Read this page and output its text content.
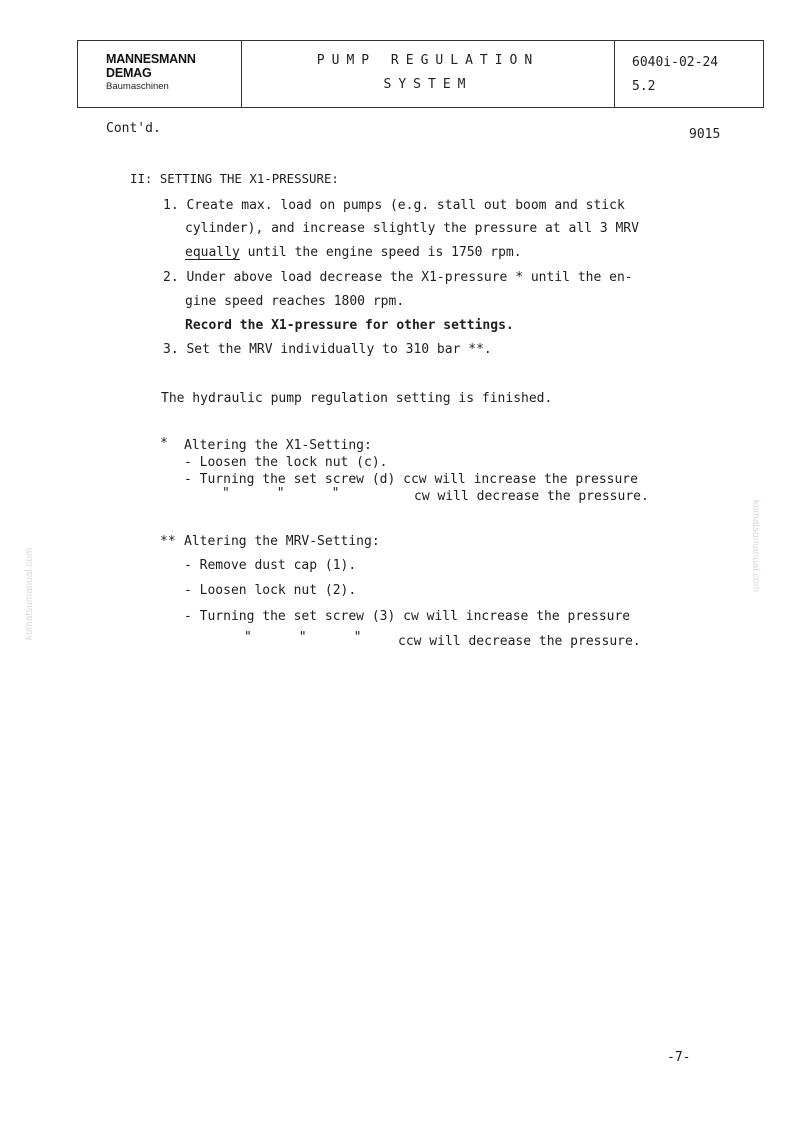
MANNESMANN
DEMAG
Baumaschinen
PUMP REGULATION
SYSTEM
6040i-02-24
5.2
Cont'd.	9015
II: SETTING THE X1-PRESSURE:
1. Create max. load on pumps (e.g. stall out boom and stick
cylinder), and increase slightly the pressure at all 3 MRV
equally until the engine speed is 1750 rpm.
2. Under above load decrease the X1-pressure * until the en-
gine speed reaches 1800 rpm.
Record the X1-pressure for other settings.
3. Set the MRV individually to 310 bar **.
The hydraulic pump regulation setting is finished.
* Altering the X1-Setting:
- Loosen the lock nut (c).
- Turning the set screw (d) ccw will increase the pressure
"      "      "	cw will decrease the pressure.
** Altering the MRV-Setting:
- Remove dust cap (1).
- Loosen lock nut (2).
- Turning the set screw (3) cw will increase the pressure
"      "      "	ccw will decrease the pressure.
-7-
komatsumanual.com
komatsumanual.com
